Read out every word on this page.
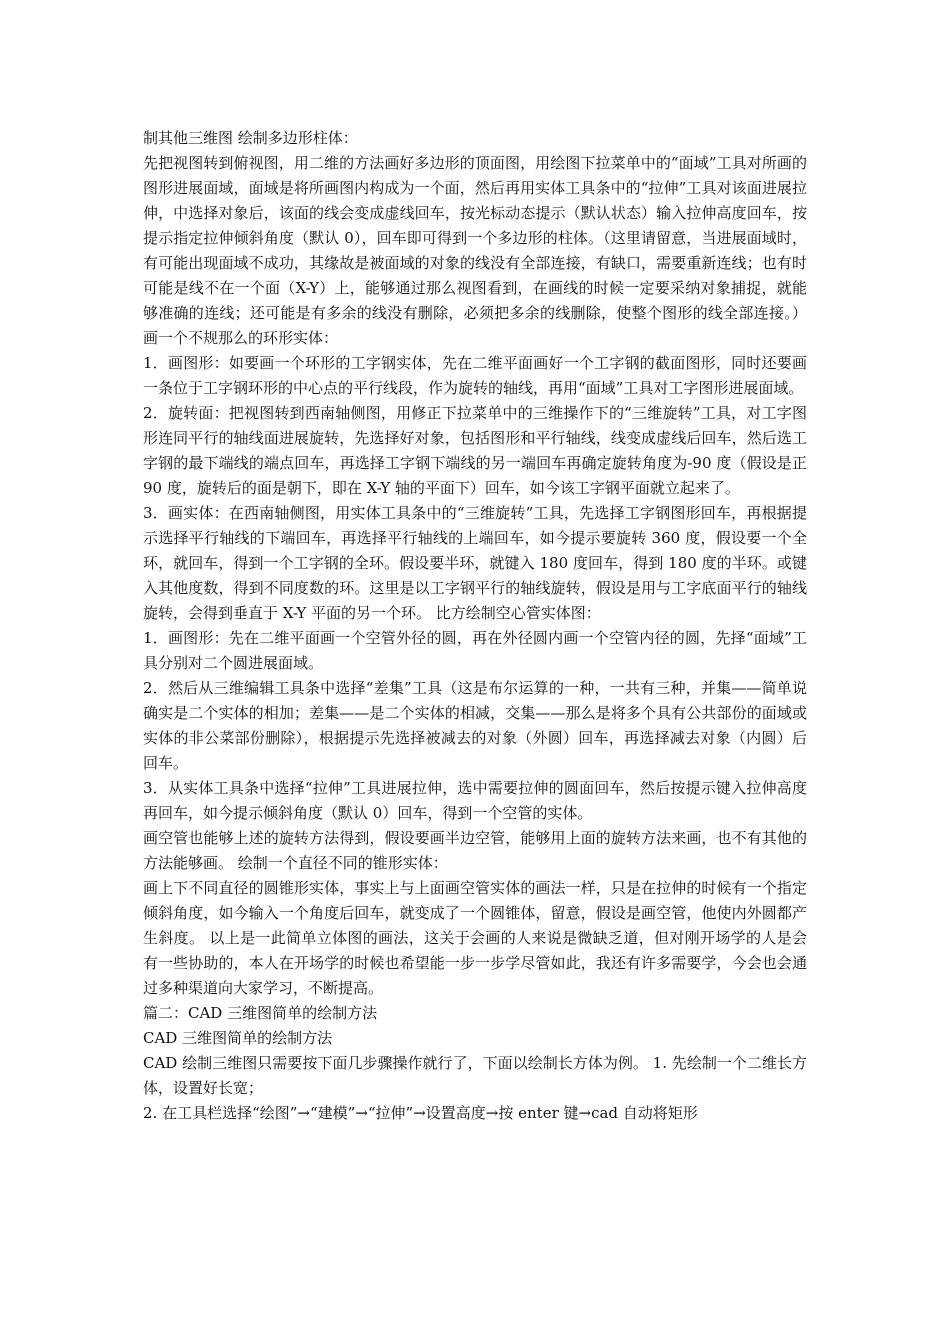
制其他三维图 绘制多边形柱体：

先把视图转到俯视图，用二维的方法画好多边形的顶面图，用绘图下拉菜单中的“面域”工具对所画的图形进展面域，面域是将所画图内构成为一个面，然后再用实体工具条中的“拉伸”工具对该面进展拉伸，中选择对象后，该面的线会变成虚线回车，按光标动态提示（默认状态）输入拉伸高度回车，按提示指定拉伸倾斜角度（默认 0），回车即可得到一个多边形的柱体。（这里请留意，当进展面域时，有可能出现面域不成功，其缘故是被面域的对象的线没有全部连接，有缺口，需要重新连线；也有时可能是线不在一个面（X-Y）上，能够通过那么视图看到，在画线的时候一定要采纳对象捕捉，就能够准确的连线；还可能是有多余的线没有删除，必须把多余的线删除，使整个图形的线全部连接。） 画一个不规那么的环形实体：

1．画图形：如要画一个环形的工字钢实体，先在二维平面画好一个工字钢的截面图形，同时还要画一条位于工字钢环形的中心点的平行线段，作为旋转的轴线，再用“面域”工具对工字图形进展面域。

2．旋转面：把视图转到西南轴侧图，用修正下拉菜单中的三维操作下的“三维旋转”工具，对工字图形连同平行的轴线面进展旋转，先选择好对象，包括图形和平行轴线，线变成虚线后回车，然后选工字钢的最下端线的端点回车，再选择工字钢下端线的另一端回车再确定旋转角度为-90 度（假设是正 90 度，旋转后的面是朝下，即在 X-Y 轴的平面下）回车，如今该工字钢平面就立起来了。

3．画实体：在西南轴侧图，用实体工具条中的“三维旋转”工具，先选择工字钢图形回车，再根据提示选择平行轴线的下端回车，再选择平行轴线的上端回车，如今提示要旋转 360 度，假设要一个全环，就回车，得到一个工字钢的全环。假设要半环，就键入 180 度回车，得到 180 度的半环。或键入其他度数，得到不同度数的环。这里是以工字钢平行的轴线旋转，假设是用与工字底面平行的轴线旋转，会得到垂直于 X-Y 平面的另一个环。 比方绘制空心管实体图：

1．画图形：先在二维平面画一个空管外径的圆，再在外径圆内画一个空管内径的圆，先择“面域”工具分别对二个圆进展面域。

2．然后从三维编辑工具条中选择“差集”工具（这是布尔运算的一种，一共有三种，并集——简单说确实是二个实体的相加；差集——是二个实体的相减，交集——那么是将多个具有公共部份的面域或实体的非公菜部份删除），根据提示先选择被减去的对象（外圆）回车，再选择减去对象（内圆）后回车。

3．从实体工具条中选择“拉伸”工具进展拉伸，选中需要拉伸的圆面回车，然后按提示键入拉伸高度再回车，如今提示倾斜角度（默认 0）回车，得到一个空管的实体。

画空管也能够上述的旋转方法得到，假设要画半边空管，能够用上面的旋转方法来画，也不有其他的方法能够画。 绘制一个直径不同的锥形实体：

画上下不同直径的圆锥形实体，事实上与上面画空管实体的画法一样，只是在拉伸的时候有一个指定倾斜角度，如今输入一个角度后回车，就变成了一个圆锥体，留意，假设是画空管，他使内外圆都产生斜度。 以上是一此简单立体图的画法，这关于会画的人来说是微缺乏道，但对刚开场学的人是会有一些协助的，本人在开场学的时候也希望能一步一步学尽管如此，我还有许多需要学，今会也会通过多种渠道向大家学习，不断提高。

篇二：CAD 三维图简单的绘制方法

CAD 三维图简单的绘制方法

CAD 绘制三维图只需要按下面几步骤操作就行了，下面以绘制长方体为例。 1. 先绘制一个二维长方体，设置好长宽；

2. 在工具栏选择“绘图”→“建模”→“拉伸”→设置高度→按 enter 键→cad 自动将矩形
